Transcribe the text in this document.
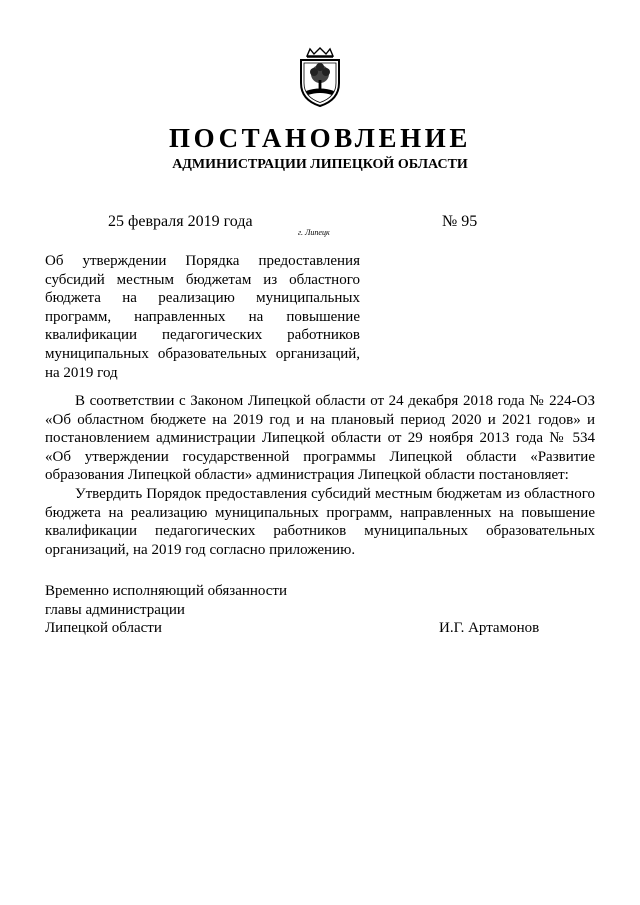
ПОСТАНОВЛЕНИЕ
АДМИНИСТРАЦИИ ЛИПЕЦКОЙ ОБЛАСТИ
25 февраля 2019 года
г. Липецк
№ 95
Об утверждении Порядка предоставления субсидий местным бюджетам из областного бюджета на реализацию муниципальных программ, направленных на повышение квалификации педагогических работников муниципальных образовательных организаций, на 2019 год

В соответствии с Законом Липецкой области от 24 декабря 2018 года № 224-ОЗ «Об областном бюджете на 2019 год и на плановый период 2020 и 2021 годов» и постановлением администрации Липецкой области от 29 ноября 2013 года № 534 «Об утверждении государственной программы Липецкой области «Развитие образования Липецкой области» администрация Липецкой области постановляет:

Утвердить Порядок предоставления субсидий местным бюджетам из областного бюджета на реализацию муниципальных программ, направленных на повышение квалификации педагогических работников муниципальных образовательных организаций, на 2019 год согласно приложению.

Временно исполняющий обязанности
главы администрации
Липецкой области	И.Г. Артамонов
